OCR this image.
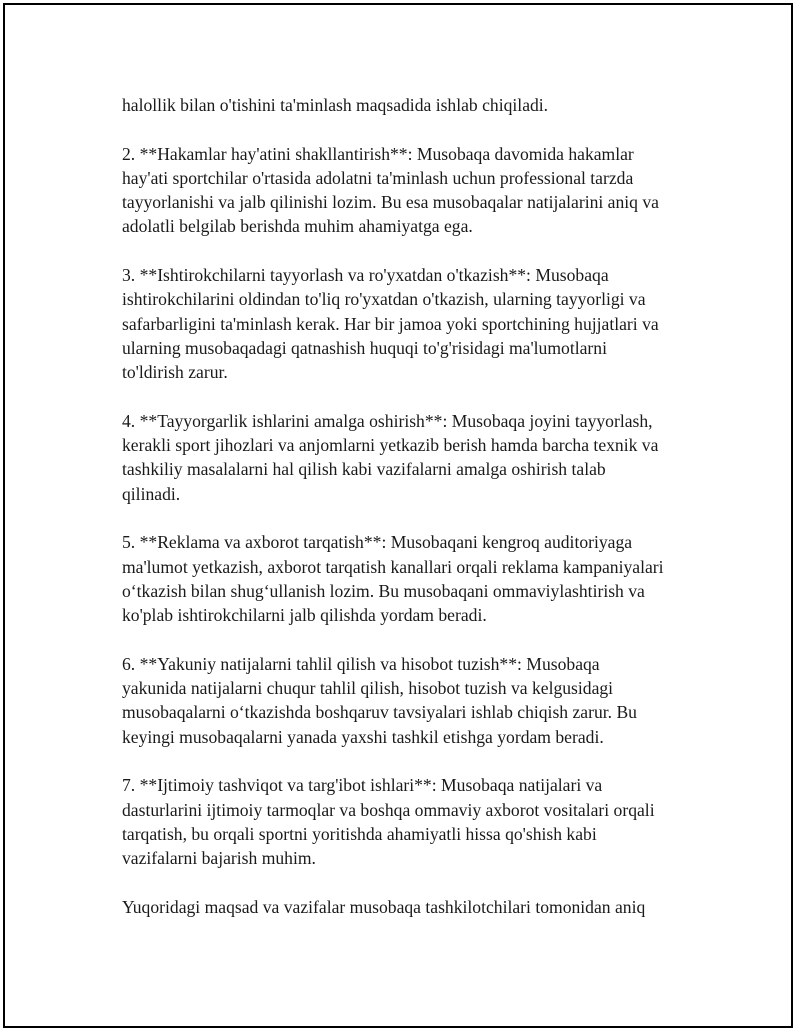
halollik bilan o'tishini ta'minlash maqsadida ishlab chiqiladi.

2. **Hakamlar hay'atini shakllantirish**: Musobaqa davomida hakamlar
hay'ati sportchilar o'rtasida adolatni ta'minlash uchun professional tarzda
tayyorlanishi va jalb qilinishi lozim. Bu esa musobaqalar natijalarini aniq va
adolatli belgilab berishda muhim ahamiyatga ega.

3. **Ishtirokchilarni tayyorlash va ro'yxatdan o'tkazish**: Musobaqa
ishtirokchilarini oldindan to'liq ro'yxatdan o'tkazish, ularning tayyorligi va
safarbarligini ta'minlash kerak. Har bir jamoa yoki sportchining hujjatlari va
ularning musobaqadagi qatnashish huquqi to'g'risidagi ma'lumotlarni
to'ldirish zarur.

4. **Tayyorgarlik ishlarini amalga oshirish**: Musobaqa joyini tayyorlash,
kerakli sport jihozlari va anjomlarni yetkazib berish hamda barcha texnik va
tashkiliy masalalarni hal qilish kabi vazifalarni amalga oshirish talab
qilinadi.

5. **Reklama va axborot tarqatish**: Musobaqani kengroq auditoriyaga
ma'lumot yetkazish, axborot tarqatish kanallari orqali reklama kampaniyalari
o‘tkazish bilan shug‘ullanish lozim. Bu musobaqani ommaviylashtirish va
ko'plab ishtirokchilarni jalb qilishda yordam beradi.

6. **Yakuniy natijalarni tahlil qilish va hisobot tuzish**: Musobaqa
yakunida natijalarni chuqur tahlil qilish, hisobot tuzish va kelgusidagi
musobaqalarni o‘tkazishda boshqaruv tavsiyalari ishlab chiqish zarur. Bu
keyingi musobaqalarni yanada yaxshi tashkil etishga yordam beradi.

7. **Ijtimoiy tashviqot va targ'ibot ishlari**: Musobaqa natijalari va
dasturlarini ijtimoiy tarmoqlar va boshqa ommaviy axborot vositalari orqali
tarqatish, bu orqali sportni yoritishda ahamiyatli hissa qo'shish kabi
vazifalarni bajarish muhim.

Yuqoridagi maqsad va vazifalar musobaqa tashkilotchilari tomonidan aniq
